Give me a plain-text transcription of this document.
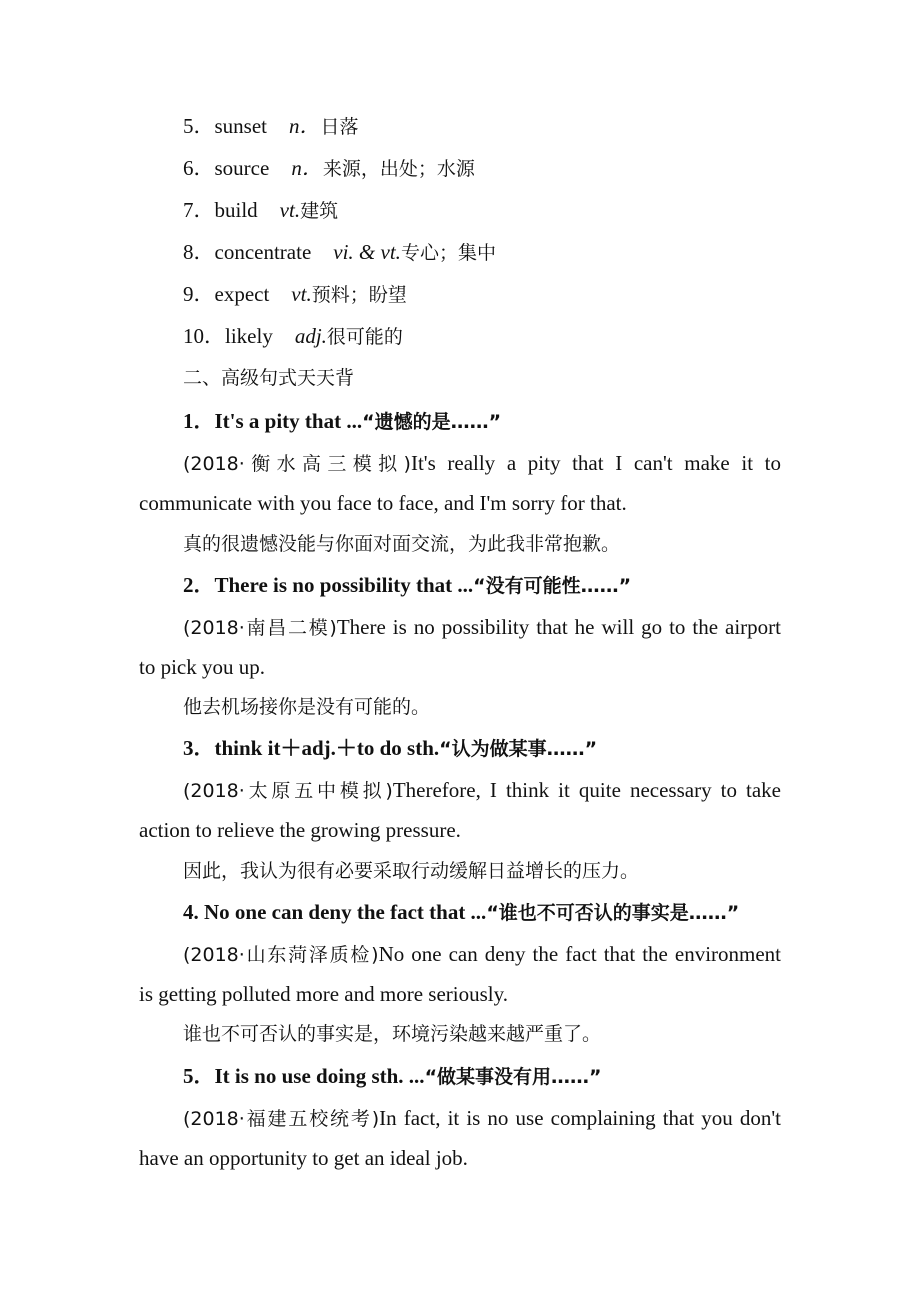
5．sunset n．日落
6．source n．来源，出处；水源
7．build vt.建筑
8．concentrate vi. & vt.专心；集中
9．expect vt.预料；盼望
10．likely adj.很可能的
二、高级句式天天背
1．It's a pity that ...“遗憾的是……”
(2018·衡水高三模拟)It's really a pity that I can't make it to
communicate with you face to face, and I'm sorry for that.
真的很遗憾没能与你面对面交流，为此我非常抱歉。
2．There is no possibility that ...“没有可能性……”
(2018·南昌二模)There is no possibility that he will go to the airport
to pick you up.
他去机场接你是没有可能的。
3．think it＋adj.＋to do sth.“认为做某事……”
(2018·太原五中模拟)Therefore, I think it quite necessary to take
action to relieve the growing pressure.
因此，我认为很有必要采取行动缓解日益增长的压力。
4. No one can deny the fact that ...“谁也不可否认的事实是……”
(2018·山东菏泽质检)No one can deny the fact that the environment
is getting polluted more and more seriously.
谁也不可否认的事实是，环境污染越来越严重了。
5．It is no use doing sth. ...“做某事没有用……”
(2018·福建五校统考)In fact, it is no use complaining that you don't
have an opportunity to get an ideal job.
